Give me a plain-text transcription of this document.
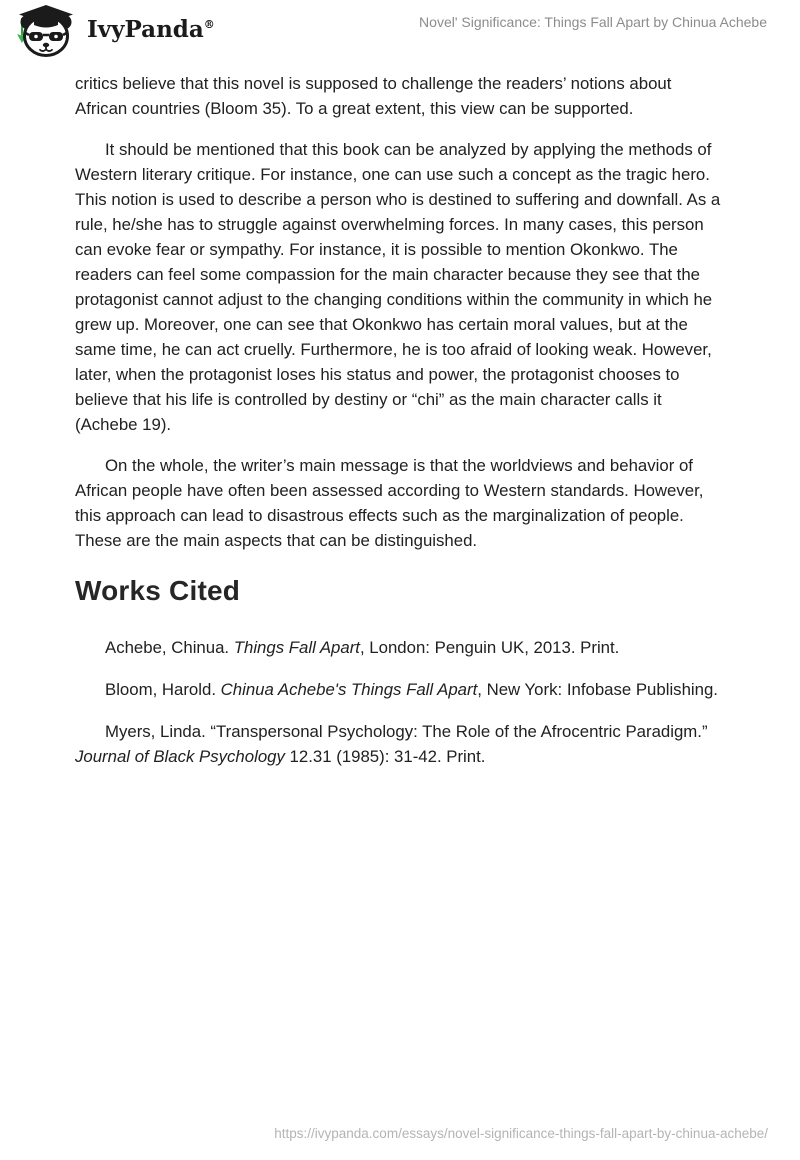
IvyPanda®	Novel' Significance: Things Fall Apart by Chinua Achebe

critics believe that this novel is supposed to challenge the readers’ notions about African countries (Bloom 35). To a great extent, this view can be supported.

It should be mentioned that this book can be analyzed by applying the methods of Western literary critique. For instance, one can use such a concept as the tragic hero. This notion is used to describe a person who is destined to suffering and downfall. As a rule, he/she has to struggle against overwhelming forces. In many cases, this person can evoke fear or sympathy. For instance, it is possible to mention Okonkwo. The readers can feel some compassion for the main character because they see that the protagonist cannot adjust to the changing conditions within the community in which he grew up. Moreover, one can see that Okonkwo has certain moral values, but at the same time, he can act cruelly. Furthermore, he is too afraid of looking weak. However, later, when the protagonist loses his status and power, the protagonist chooses to believe that his life is controlled by destiny or “chi” as the main character calls it (Achebe 19).

On the whole, the writer’s main message is that the worldviews and behavior of African people have often been assessed according to Western standards. However, this approach can lead to disastrous effects such as the marginalization of people. These are the main aspects that can be distinguished.

Works Cited

Achebe, Chinua. Things Fall Apart, London: Penguin UK, 2013. Print.

Bloom, Harold. Chinua Achebe's Things Fall Apart, New York: Infobase Publishing.

Myers, Linda. “Transpersonal Psychology: The Role of the Afrocentric Paradigm.” Journal of Black Psychology 12.31 (1985): 31-42. Print.

https://ivypanda.com/essays/novel-significance-things-fall-apart-by-chinua-achebe/
